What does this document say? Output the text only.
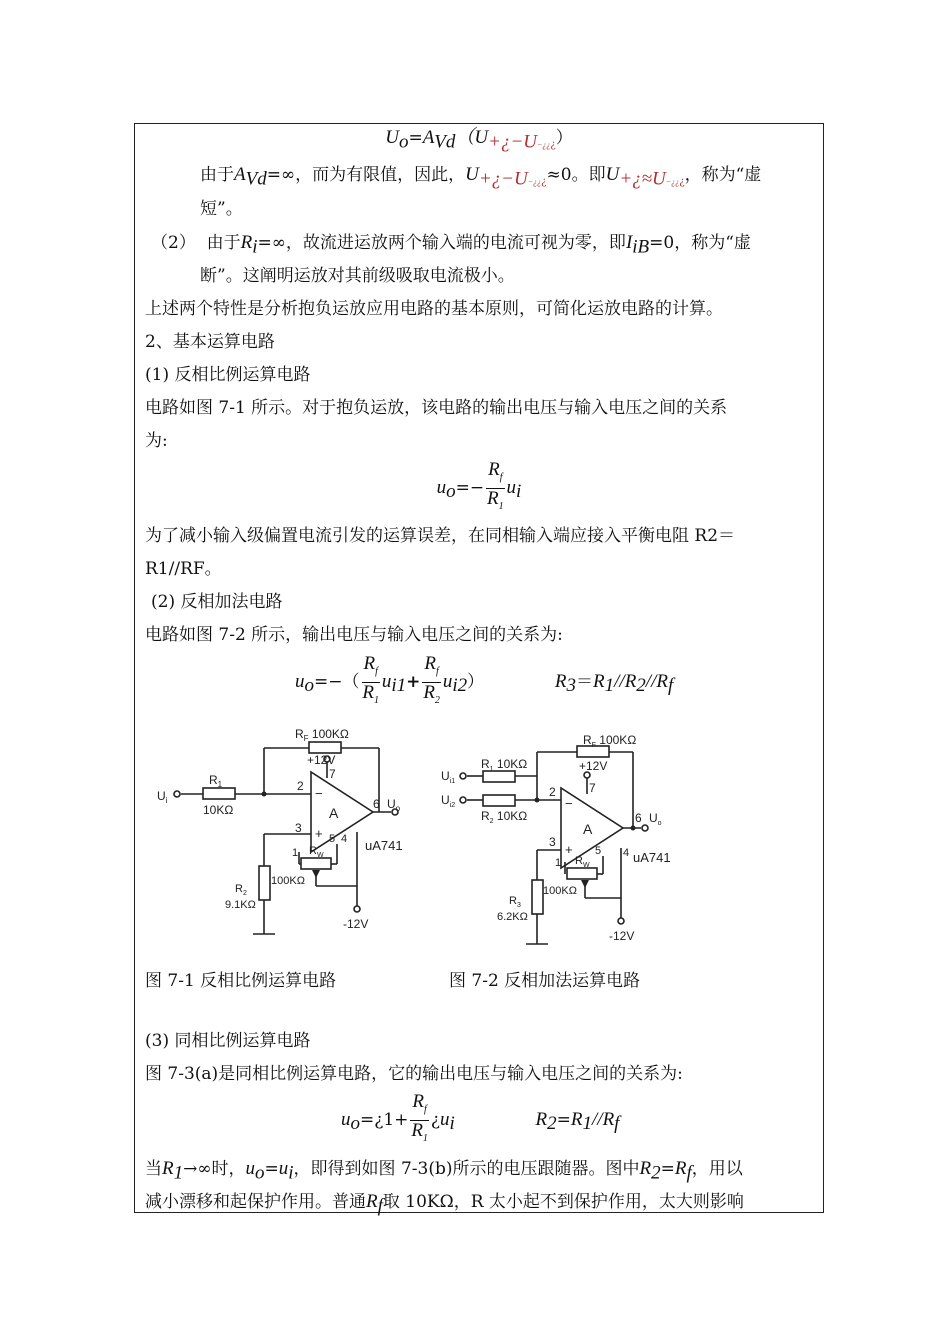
$U_o=A_{Vd}(U_{+¿-U-¿¿¿})$
由于$A_{Vd}=\infty$，而为有限值，因此，$U_{+¿-U-¿¿¿}\approx 0$。即$U_{+¿\approx U-¿¿¿}$，称为“虚
短”。
（2） 由于$R_i=\infty$，故流进运放两个输入端的电流可视为零，即$I_{iB}=0$，称为“虚
断”。这阐明运放对其前级吸取电流极小。
上述两个特性是分析抱负运放应用电路的基本原则，可简化运放电路的计算。
2、基本运算电路
(1) 反相比例运算电路
电路如图 7-1 所示。对于抱负运放，该电路的输出电压与输入电压之间的关系
为:
$u_o=- \frac{R_f}{R_1} u_i$
为了减小输入级偏置电流引发的运算误差，在同相输入端应接入平衡电阻 R2＝
R1//RF。
(2) 反相加法电路
电路如图 7-2 所示，输出电压与输入电压之间的关系为:
$u_o=-( \frac{R_f}{R_1} u_{i1}+ \frac{R_f}{R_2} u_{i2})$	$R_3=R_1//R_2//R_f$
$U_i$
$R_1$
10KΩ
$R_F$ 100KΩ
+12V
7
2
3
−
+
A
6 $U_o$
4
5
1	uA741
$R_W$
100KΩ
$R_2$
9.1KΩ
-12V
$U_{i1}$
$U_{i2}$
$R_1$ 10KΩ
$R_2$ 10KΩ
$R_F$ 100KΩ
+12V
7
2
3
−
+
A
6 $U_o$
4
5
1	uA741
$R_W$
100KΩ
$R_3$
6.2KΩ
-12V
图 7-1 反相比例运算电路	图 7-2 反相加法运算电路
(3) 同相比例运算电路
图 7-3(a)是同相比例运算电路，它的输出电压与输入电压之间的关系为:
$u_o=¿1+ \frac{R_f}{R_1}$ ¿$u_i$	$R_2=R_1//R_f$
当$R_1\to\infty$时，$u_o=u_i$，即得到如图 7-3(b)所示的电压跟随器。图中$R_2=R_f$，用以
减小漂移和起保护作用。普通$R_f$取 10KΩ，R 太小起不到保护作用，太大则影响
